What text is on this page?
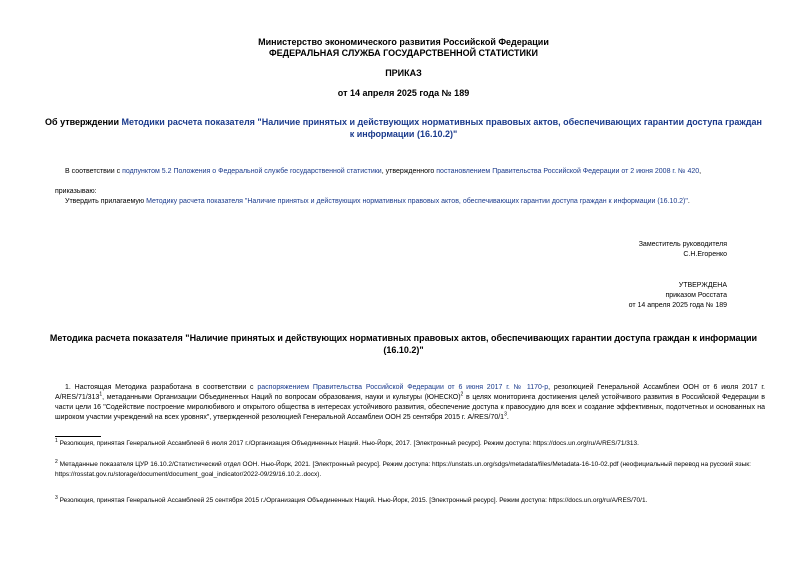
Министерство экономического развития Российской Федерации
ФЕДЕРАЛЬНАЯ СЛУЖБА ГОСУДАРСТВЕННОЙ СТАТИСТИКИ
ПРИКАЗ
от 14 апреля 2025 года № 189
Об утверждении Методики расчета показателя "Наличие принятых и действующих нормативных правовых актов, обеспечивающих гарантии доступа граждан к информации (16.10.2)"
В соответствии с подпунктом 5.2 Положения о Федеральной службе государственной статистики, утвержденного постановлением Правительства Российской Федерации от 2 июня 2008 г. № 420,
приказываю:
Утвердить прилагаемую Методику расчета показателя "Наличие принятых и действующих нормативных правовых актов, обеспечивающих гарантии доступа граждан к информации (16.10.2)".
Заместитель руководителя
С.Н.Егоренко
УТВЕРЖДЕНА
приказом Росстата
от 14 апреля 2025 года № 189
Методика расчета показателя "Наличие принятых и действующих нормативных правовых актов, обеспечивающих гарантии доступа граждан к информации (16.10.2)"
1. Настоящая Методика разработана в соответствии с распоряжением Правительства Российской Федерации от 6 июня 2017 г. № 1170-р, резолюцией Генеральной Ассамблеи ООН от 6 июля 2017 г. $A/RES/71/313^1$, метаданными Организации Объединенных Наций по вопросам образования, науки и культуры (ЮНЕСКО)$^2$ в целях мониторинга достижения целей устойчивого развития в Российской Федерации в части цели 16 "Содействие построение миролюбивого и открытого общества в интересах устойчивого развития, обеспечение доступа к правосудию для всех и создание эффективных, подотчетных и основанных на широком участии учреждений на всех уровнях", утвержденной резолюцией Генеральной Ассамблеи ООН 25 сентября 2015 г. $A/RES/70/1^3$.
$^1$ Резолюция, принятая Генеральной Ассамблеей 6 июля 2017 г./Организация Объединенных Наций. Нью-Йорк, 2017. [Электронный ресурс]. Режим доступа: https://docs.un.org/ru/A/RES/71/313.
$^2$ Метаданные показателя ЦУР 16.10.2/Статистический отдел ООН. Нью-Йорк, 2021. [Электронный ресурс]. Режим доступа: https://unstats.un.org/sdgs/metadata/files/Metadata-16-10-02.pdf (неофициальный перевод на русский язык: https://rosstat.gov.ru/storage/document/document_goal_indicator/2022-09/29/16.10.2..docx).
$^3$ Резолюция, принятая Генеральной Ассамблеей 25 сентября 2015 г./Организация Объединенных Наций. Нью-Йорк, 2015. [Электронный ресурс]. Режим доступа: https://docs.un.org/ru/A/RES/70/1.
